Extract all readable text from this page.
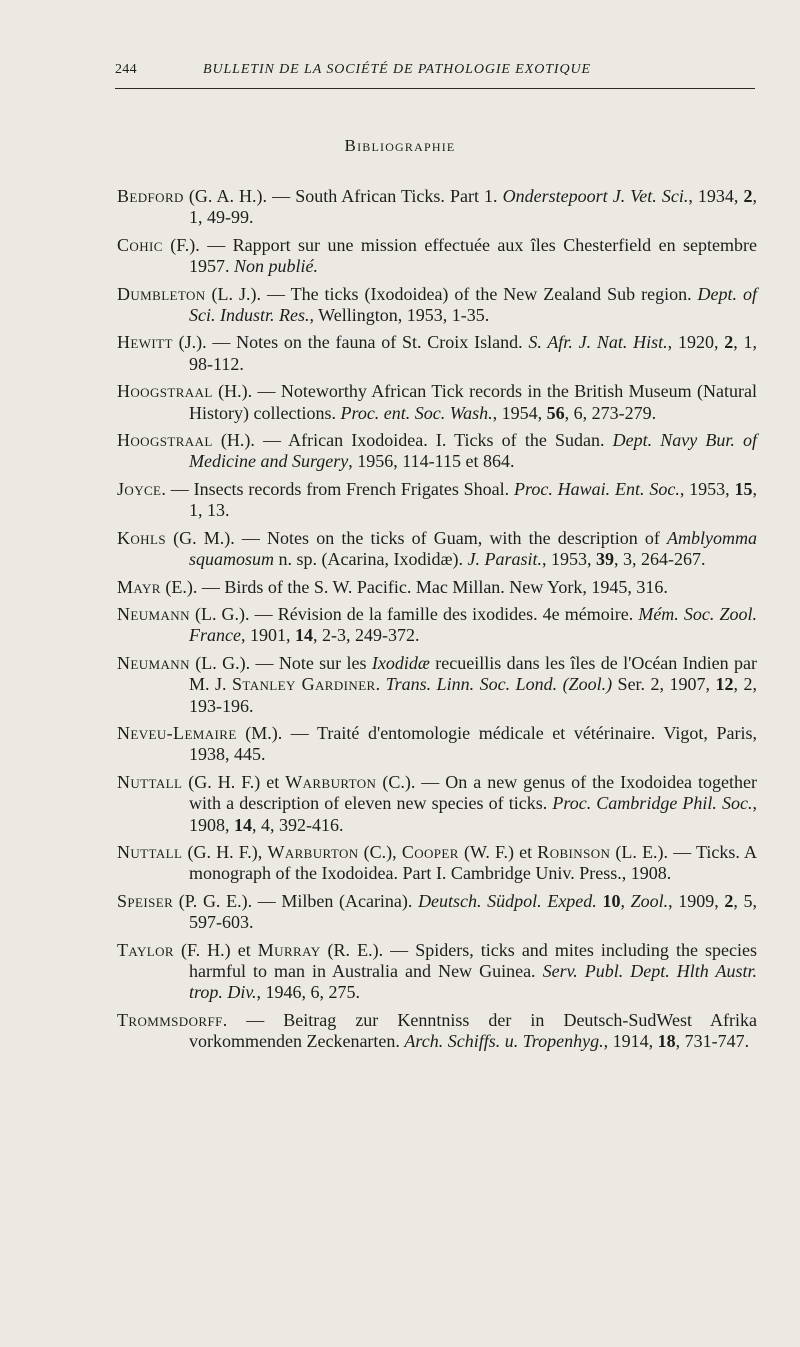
244	BULLETIN DE LA SOCIÉTÉ DE PATHOLOGIE EXOTIQUE
Bibliographie

Bedford (G. A. H.). — South African Ticks. Part 1. Onderstepoort J. Vet. Sci., 1934, 2, 1, 49-99.

Cohic (F.). — Rapport sur une mission effectuée aux îles Chesterfield en septembre 1957. Non publié.

Dumbleton (L. J.). — The ticks (Ixodoidea) of the New Zealand Sub region. Dept. of Sci. Industr. Res., Wellington, 1953, 1-35.

Hewitt (J.). — Notes on the fauna of St. Croix Island. S. Afr. J. Nat. Hist., 1920, 2, 1, 98-112.

Hoogstraal (H.). — Noteworthy African Tick records in the British Museum (Natural History) collections. Proc. ent. Soc. Wash., 1954, 56, 6, 273-279.

Hoogstraal (H.). — African Ixodoidea. I. Ticks of the Sudan. Dept. Navy Bur. of Medicine and Surgery, 1956, 114-115 et 864.

Joyce. — Insects records from French Frigates Shoal. Proc. Hawai. Ent. Soc., 1953, 15, 1, 13.

Kohls (G. M.). — Notes on the ticks of Guam, with the description of Amblyomma squamosum n. sp. (Acarina, Ixodidæ). J. Parasit., 1953, 39, 3, 264-267.

Mayr (E.). — Birds of the S. W. Pacific. Mac Millan. New York, 1945, 316.

Neumann (L. G.). — Révision de la famille des ixodides. 4e mémoire. Mém. Soc. Zool. France, 1901, 14, 2-3, 249-372.

Neumann (L. G.). — Note sur les Ixodidæ recueillis dans les îles de l'Océan Indien par M. J. Stanley Gardiner. Trans. Linn. Soc. Lond. (Zool.) Ser. 2, 1907, 12, 2, 193-196.

Neveu-Lemaire (M.). — Traité d'entomologie médicale et vétérinaire. Vigot, Paris, 1938, 445.

Nuttall (G. H. F.) et Warburton (C.). — On a new genus of the Ixodoidea together with a description of eleven new species of ticks. Proc. Cambridge Phil. Soc., 1908, 14, 4, 392-416.

Nuttall (G. H. F.), Warburton (C.), Cooper (W. F.) et Robinson (L. E.). — Ticks. A monograph of the Ixodoidea. Part I. Cambridge Univ. Press., 1908.

Speiser (P. G. E.). — Milben (Acarina). Deutsch. Südpol. Exped. 10, Zool., 1909, 2, 5, 597-603.

Taylor (F. H.) et Murray (R. E.). — Spiders, ticks and mites including the species harmful to man in Australia and New Guinea. Serv. Publ. Dept. Hlth Austr. trop. Div., 1946, 6, 275.

Trommsdorff. — Beitrag zur Kenntniss der in Deutsch-SudWest Afrika vorkommenden Zeckenarten. Arch. Schiffs. u. Tropenhyg., 1914, 18, 731-747.
